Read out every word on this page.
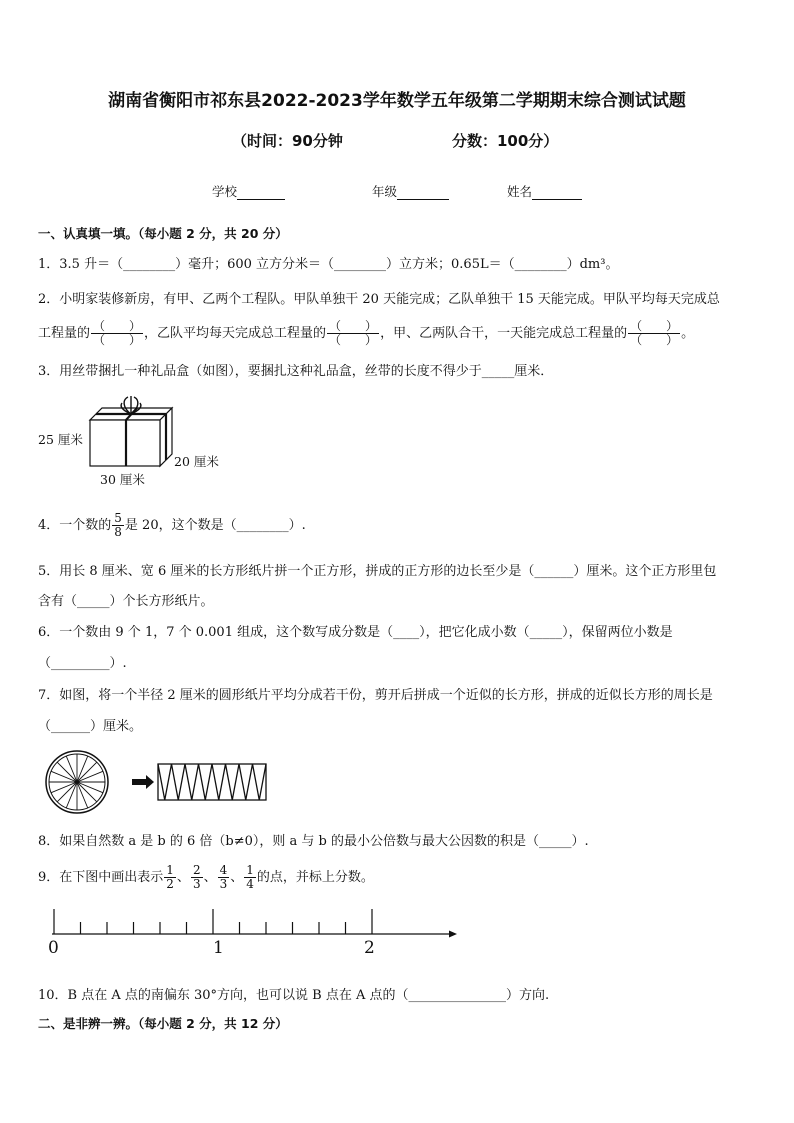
湖南省衡阳市祁东县2022-2023学年数学五年级第二学期期末综合测试试题
（时间：90分钟	分数：100分）
学校	年级	姓名
一、认真填一填。（每小题 2 分，共 20 分）
1．3.5 升＝（________）毫升；600 立方分米＝（________）立方米；0.65L＝（________）dm³。
2．小明家装修新房，有甲、乙两个工程队。甲队单独干 20 天能完成；乙队单独干 15 天能完成。甲队平均每天完成总
工程量的 $\frac{( )}{( )}$ ，乙队平均每天完成总工程量的 $\frac{( )}{( )}$ ，甲、乙两队合干，一天能完成总工程量的 $\frac{( )}{( )}$ 。
3．用丝带捆扎一种礼品盒（如图），要捆扎这种礼品盒，丝带的长度不得少于_____厘米．
25 厘米
20 厘米
30 厘米
4．一个数的 $\frac{5}{8}$ 是 20，这个数是（________）.
5．用长 8 厘米、宽 6 厘米的长方形纸片拼一个正方形，拼成的正方形的边长至少是（______）厘米。这个正方形里包
含有（_____）个长方形纸片。
6．一个数由 9 个 1，7 个 0.001 组成，这个数写成分数是（____），把它化成小数（_____），保留两位小数是
（_________）.
7．如图，将一个半径 2 厘米的圆形纸片平均分成若干份，剪开后拼成一个近似的长方形，拼成的近似长方形的周长是
（______）厘米。
8．如果自然数 a 是 b 的 6 倍（b≠0），则 a 与 b 的最小公倍数与最大公因数的积是（_____）.
9．在下图中画出表示 $\frac{1}{2}$ 、 $\frac{2}{3}$ 、 $\frac{4}{3}$ 、 $\frac{1}{4}$ 的点，并标上分数。
0	1	2
10．B 点在 A 点的南偏东 30°方向，也可以说 B 点在 A 点的（_______________）方向.
二、是非辨一辨。（每小题 2 分，共 12 分）
